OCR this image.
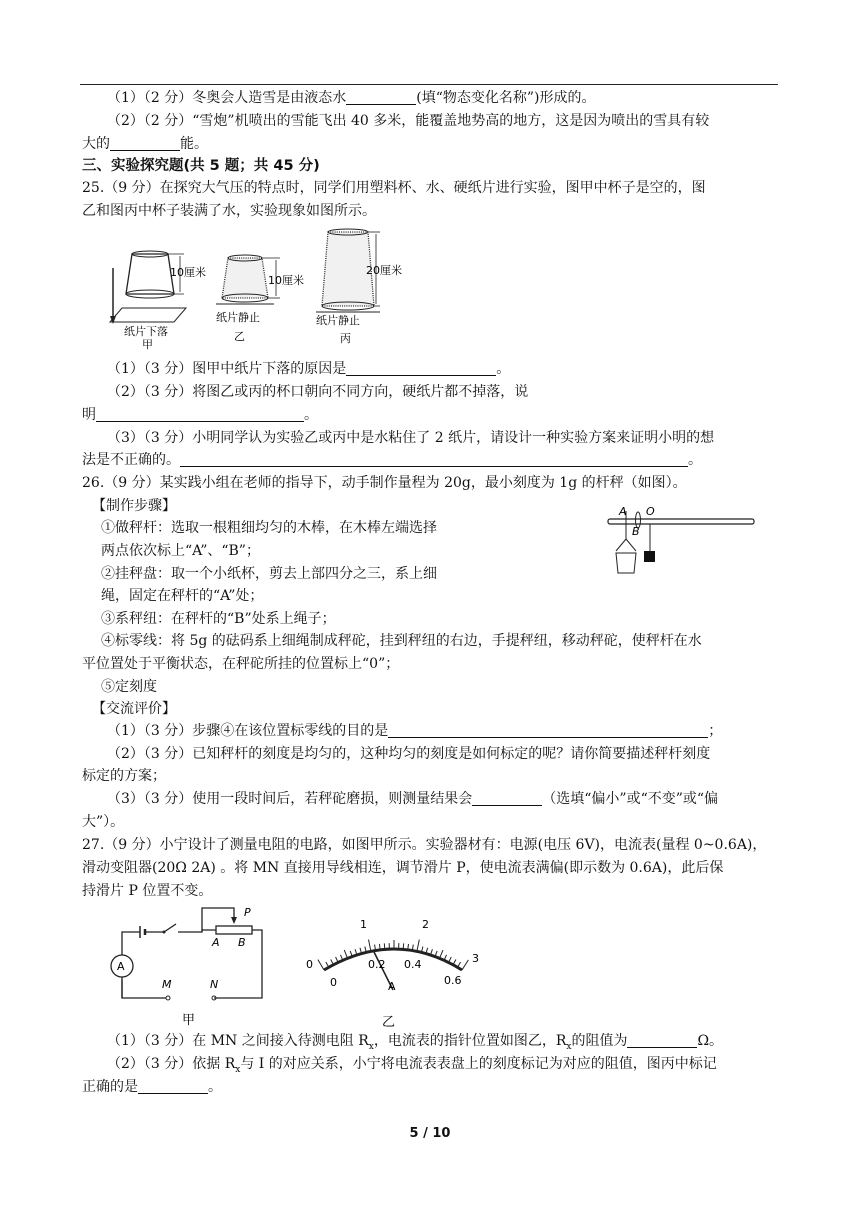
（1）（2 分）冬奥会人造雪是由液态水	(填“物态变化名称”)形成的。
（2）（2 分）“雪炮”机喷出的雪能飞出 40 多米，能覆盖地势高的地方，这是因为喷出的雪具有较
大的	能。
三、实验探究题(共 5 题；共 45 分)
25.（9 分）在探究大气压的特点时，同学们用塑料杯、水、硬纸片进行实验，图甲中杯子是空的，图
乙和图丙中杯子装满了水，实验现象如图所示。
10厘米
纸片下落
甲
10厘米
纸片静止
乙
20厘米
纸片静止
丙
（1）（3 分）图甲中纸片下落的原因是	。
（2）（3 分）将图乙或丙的杯口朝向不同方向，硬纸片都不掉落，说
明	。
（3）（3 分）小明同学认为实验乙或丙中是水粘住了 2 纸片，请设计一种实验方案来证明小明的想
法是不正确的。	。
26.（9 分）某实践小组在老师的指导下，动手制作量程为 20g，最小刻度为 1g 的杆秤（如图）。
【制作步骤】
①做秤杆：选取一根粗细均匀的木棒，在木棒左端选择
两点依次标上“A”、“B”；
②挂秤盘：取一个小纸杯，剪去上部四分之三，系上细
绳，固定在秤杆的“A”处；
③系秤纽：在秤杆的“B”处系上绳子；
④标零线：将 5g 的砝码系上细绳制成秤砣，挂到秤纽的右边，手提秤纽，移动秤砣，使秤杆在水
平位置处于平衡状态，在秤砣所挂的位置标上“0”；
⑤定刻度
【交流评价】
A
B
O
（1）（3 分）步骤④在该位置标零线的目的是	；
（2）（3 分）已知秤杆的刻度是均匀的，这种均匀的刻度是如何标定的呢？请你简要描述秤杆刻度
标定的方案；
（3）（3 分）使用一段时间后，若秤砣磨损，则测量结果会	（选填“偏小”或“不变”或“偏
大”）。
27.（9 分）小宁设计了测量电阻的电路，如图甲所示。实验器材有：电源(电压 6V)，电流表(量程 0~0.6A)，
滑动变阻器(20Ω 2A) 。将 MN 直接用导线相连，调节滑片 P，使电流表满偏(即示数为 0.6A)，此后保
持滑片 P 位置不变。
A
P
A B
M	N
甲
0
1	2
3
0
0.2 0.4
0.6
A
乙
（1）（3 分）在 MN 之间接入待测电阻 $R_x$，电流表的指针位置如图乙，$R_x$的阻值为	Ω。
（2）（3 分）依据 $R_x$与 I 的对应关系，小宁将电流表表盘上的刻度标记为对应的阻值，图丙中标记
正确的是	。
5 / 10
